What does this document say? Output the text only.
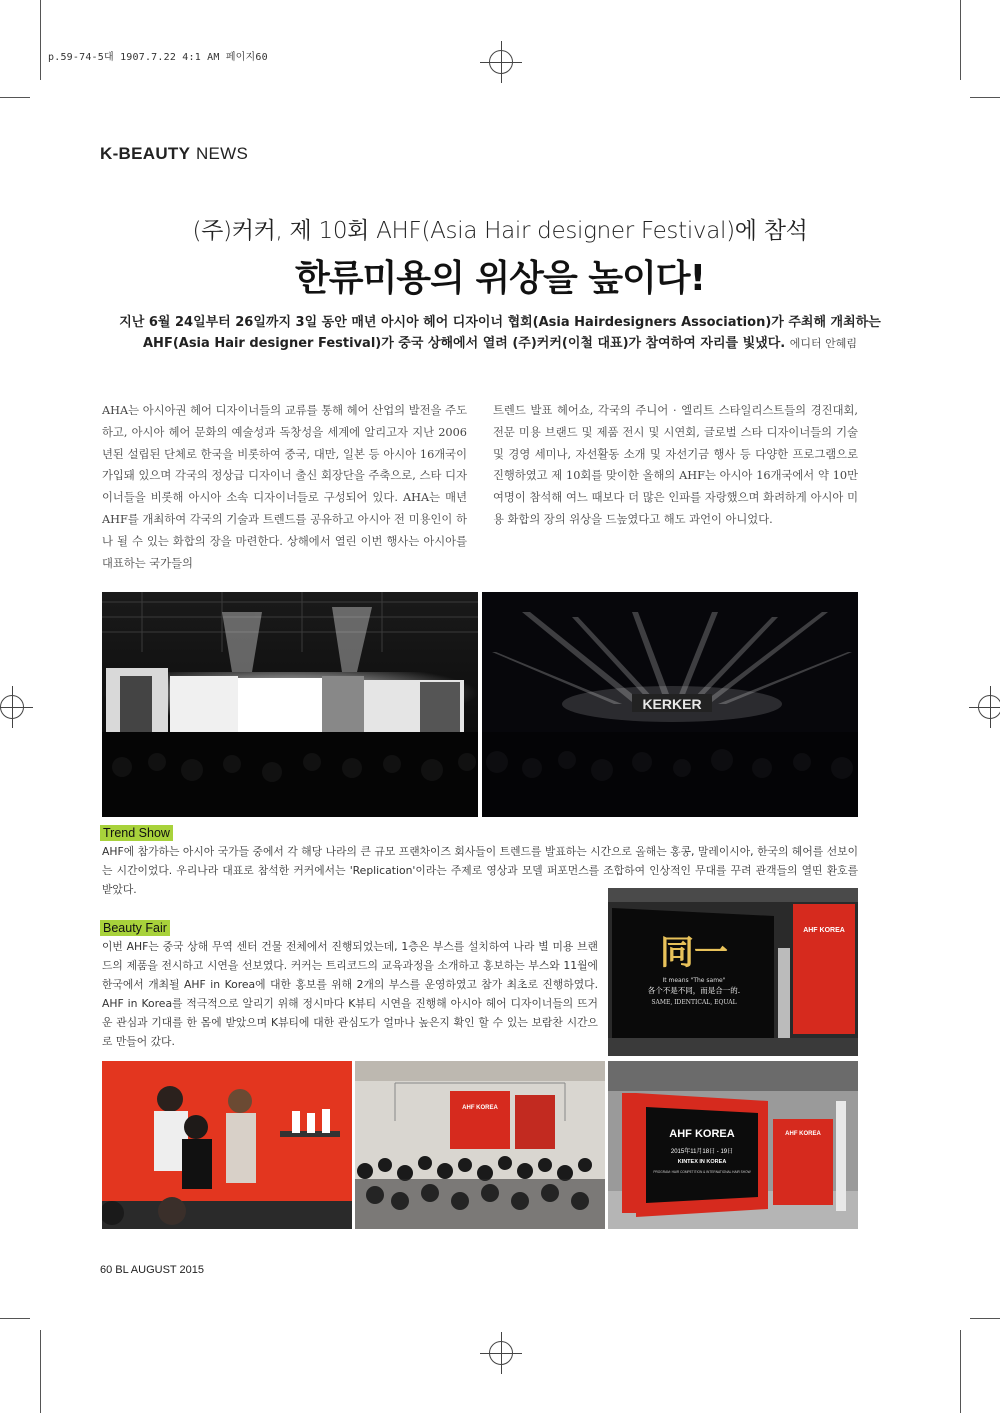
p.59-74-5대 1907.7.22 4:1 AM 페이지60
K-BEAUTY NEWS
(주)커커, 제 10회 AHF(Asia Hair designer Festival)에 참석
한류미용의 위상을 높이다!
지난 6월 24일부터 26일까지 3일 동안 매년 아시아 헤어 디자이너 협회(Asia Hairdesigners Association)가 주최해 개최하는
AHF(Asia Hair designer Festival)가 중국 상해에서 열려 (주)커커(이철 대표)가 참여하여 자리를 빛냈다. 에디터 안혜림
AHA는 아시아권 헤어 디자이너들의 교류를 통해 헤어 산업의 발전을 주도하고, 아시아 헤어 문화의 예술성과 독창성을 세계에 알리고자 지난 2006년된 설립된 단체로 한국을 비롯하여 중국, 대만, 일본 등 아시아 16개국이 가입돼 있으며 각국의 정상급 디자이너 출신 회장단을 주축으로, 스타 디자이너들을 비롯해 아시아 소속 디자이너들로 구성되어 있다. AHA는 매년 AHF를 개최하여 각국의 기술과 트렌드를 공유하고 아시아 전 미용인이 하나 될 수 있는 화합의 장을 마련한다. 상해에서 열린 이번 행사는 아시아를 대표하는 국가들의
트렌드 발표 헤어쇼, 각국의 주니어 · 엘리트 스타일리스트들의 경진대회, 전문 미용 브랜드 및 제품 전시 및 시연회, 글로벌 스타 디자이너들의 기술 및 경영 세미나, 자선활동 소개 및 자선기금 행사 등 다양한 프로그램으로 진행하였고 제 10회를 맞이한 올해의 AHF는 아시아 16개국에서 약 10만 여명이 참석해 여느 때보다 더 많은 인파를 자랑했으며 화려하게 아시아 미용 화합의 장의 위상을 드높였다고 해도 과언이 아니었다.
KERKER
Trend Show
AHF에 참가하는 아시아 국가들 중에서 각 해당 나라의 큰 규모 프랜차이즈 회사들이 트렌드를 발표하는 시간으로 올해는 홍콩, 말레이시아, 한국의 헤어를 선보이는 시간이었다. 우리나라 대표로 참석한 커커에서는 'Replication'이라는 주제로 영상과 모델 퍼포먼스를 조합하여 인상적인 무대를 꾸려 관객들의 열띤 환호를 받았다.
Beauty Fair
이번 AHF는 중국 상해 무역 센터 건물 전체에서 진행되었는데, 1층은 부스를 설치하여 나라 별 미용 브랜드의 제품을 전시하고 시연을 선보였다. 커커는 트리코드의 교육과정을 소개하고 홍보하는 부스와 11월에 한국에서 개최될 AHF in Korea에 대한 홍보를 위해 2개의 부스를 운영하였고 참가 최초로 진행하였다. AHF in Korea를 적극적으로 알리기 위해 정시마다 K뷰티 시연을 진행해 아시아 헤어 디자이너들의 뜨거운 관심과 기대를 한 몸에 받았으며 K뷰티에 대한 관심도가 얼마나 높은지 확인 할 수 있는 보람찬 시간으로 만들어 갔다.
同一
It means "The same"
各个不是不同，而是合一的.
SAME, IDENTICAL, EQUAL
AHF KOREA
AHF KOREA
AHF KOREA
2015年11月18日 - 19日
KINTEX IN KOREA
PROGRAM: HAIR COMPETITION & INTERNATIONAL HAIR SHOW
AHF KOREA
60 BL AUGUST 2015
